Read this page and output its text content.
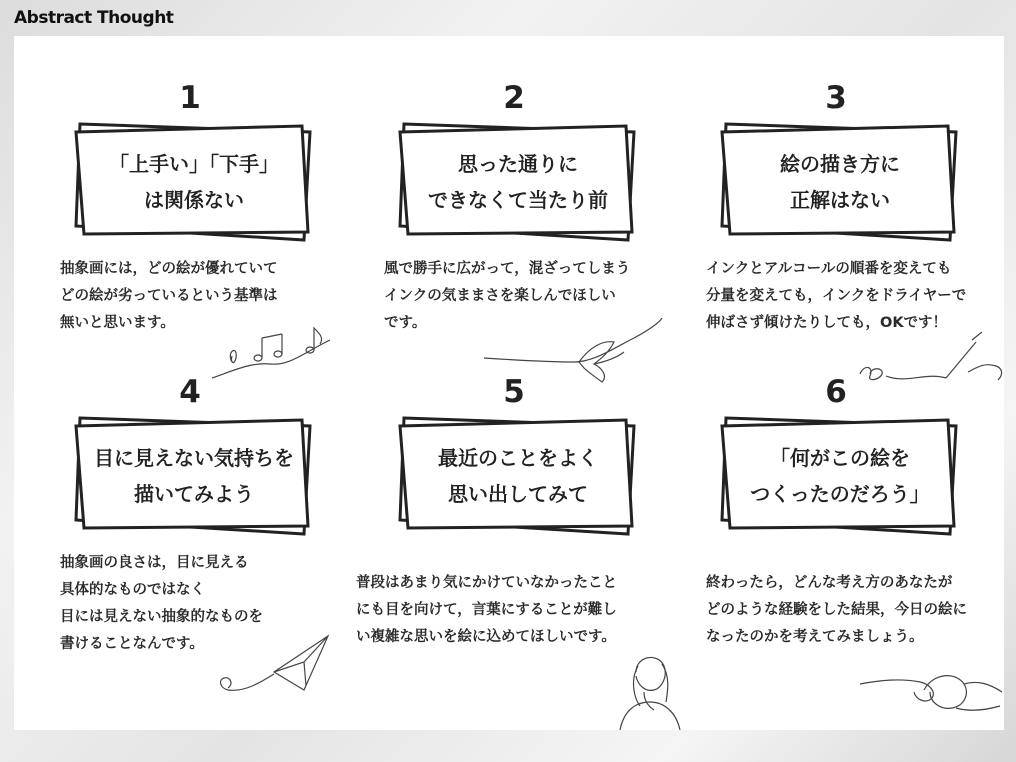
Abstract Thought
1
「上手い」「下手」
は関係ない

抽象画には，どの絵が優れていて

どの絵が劣っているという基準は

無いと思います。

2
思った通りに
できなくて当たり前

風で勝手に広がって，混ざってしまう

インクの気ままさを楽しんでほしい

です。

3
絵の描き方に
正解はない

インクとアルコールの順番を変えても

分量を変えても，インクをドライヤーで

伸ばさず傾けたりしても，OKです！

4
目に見えない気持ちを
描いてみよう

抽象画の良さは，目に見える

具体的なものではなく

目には見えない抽象的なものを

書けることなんです。

5
最近のことをよく
思い出してみて

普段はあまり気にかけていなかったこと

にも目を向けて，言葉にすることが難し

い複雑な思いを絵に込めてほしいです。

6
「何がこの絵を
つくったのだろう」

終わったら，どんな考え方のあなたが

どのような経験をした結果，今日の絵に

なったのかを考えてみましょう。
